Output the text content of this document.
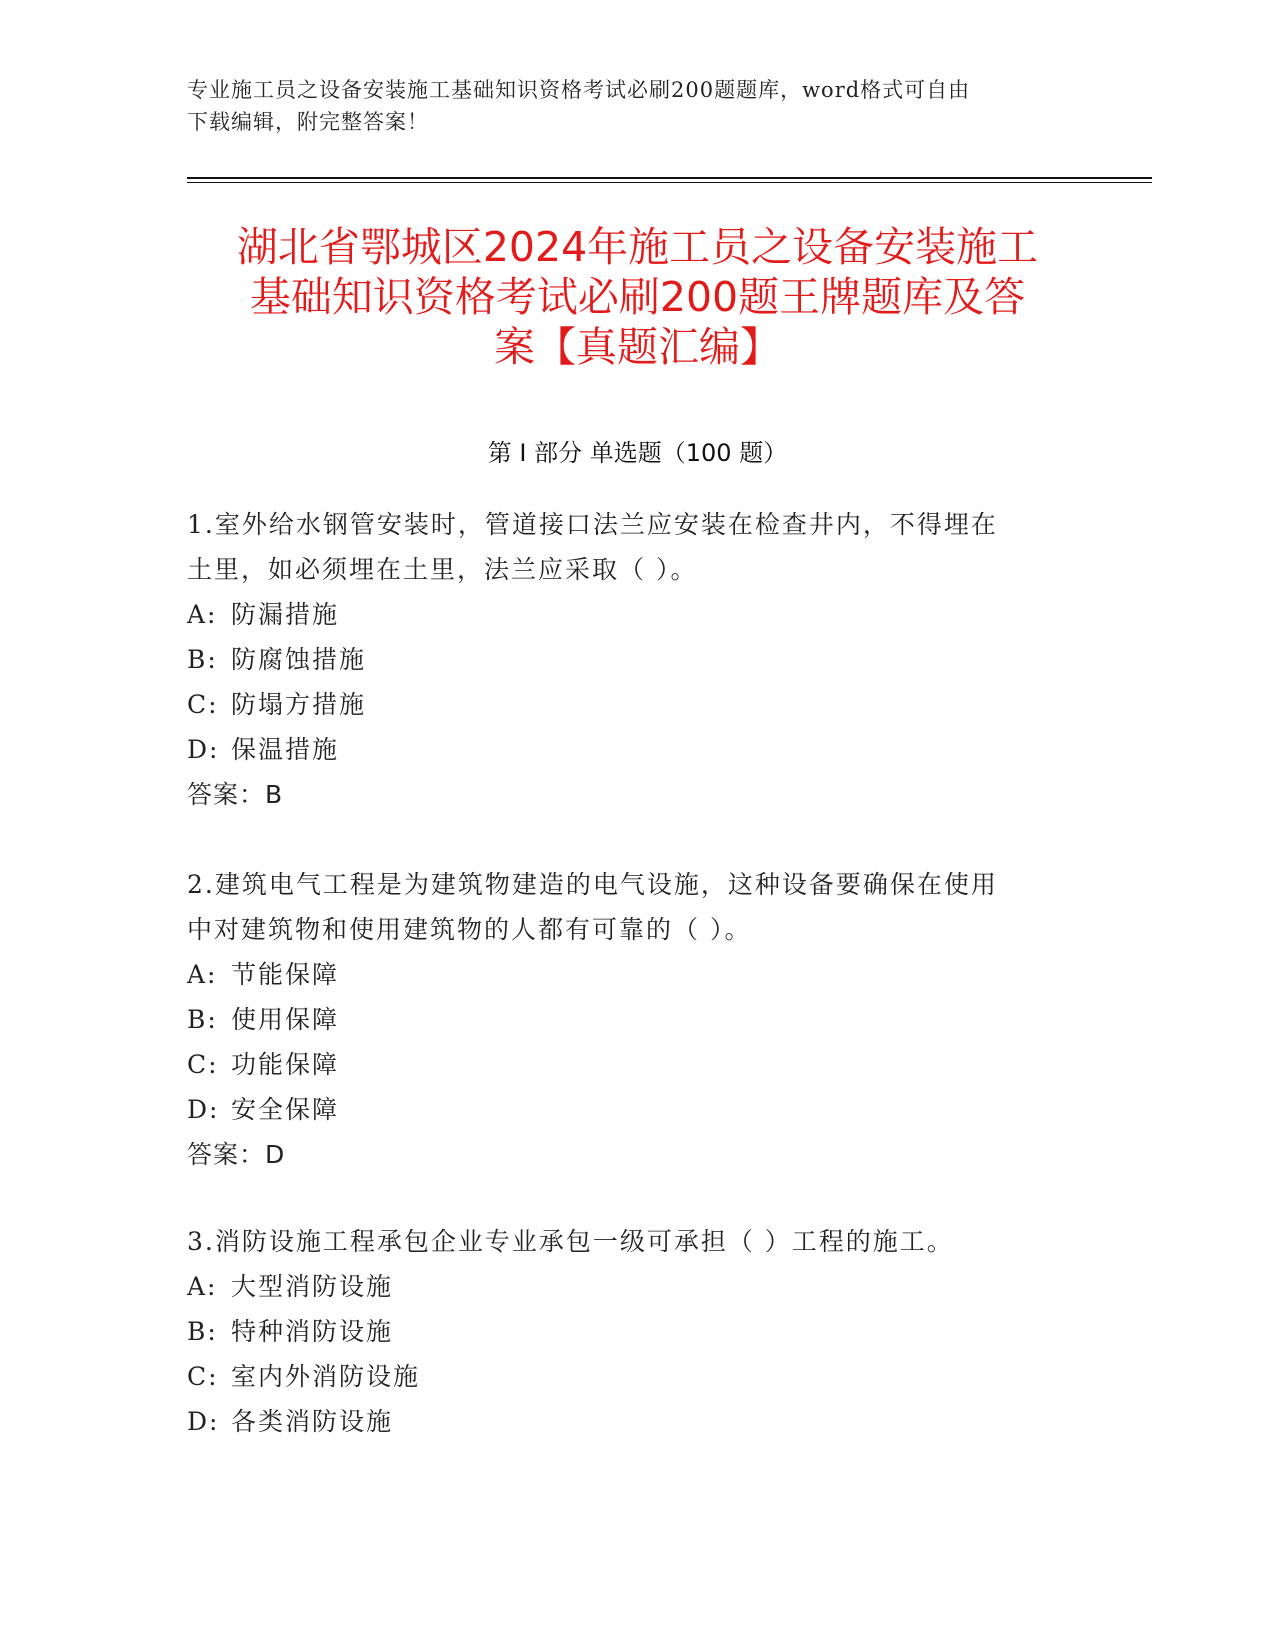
专业施工员之设备安装施工基础知识资格考试必刷200题题库，word格式可自由
下载编辑，附完整答案！
湖北省鄂城区2024年施工员之设备安装施工
基础知识资格考试必刷200题王牌题库及答
案【真题汇编】
第 I 部分 单选题（100 题）
1.室外给水钢管安装时，管道接口法兰应安装在检查井内，不得埋在
土里，如必须埋在土里，法兰应采取（ ）。
A: 防漏措施
B: 防腐蚀措施
C: 防塌方措施
D: 保温措施
答案：B
2.建筑电气工程是为建筑物建造的电气设施，这种设备要确保在使用
中对建筑物和使用建筑物的人都有可靠的（ ）。
A: 节能保障
B: 使用保障
C: 功能保障
D: 安全保障
答案：D
3.消防设施工程承包企业专业承包一级可承担（ ）工程的施工。
A: 大型消防设施
B: 特种消防设施
C: 室内外消防设施
D: 各类消防设施
